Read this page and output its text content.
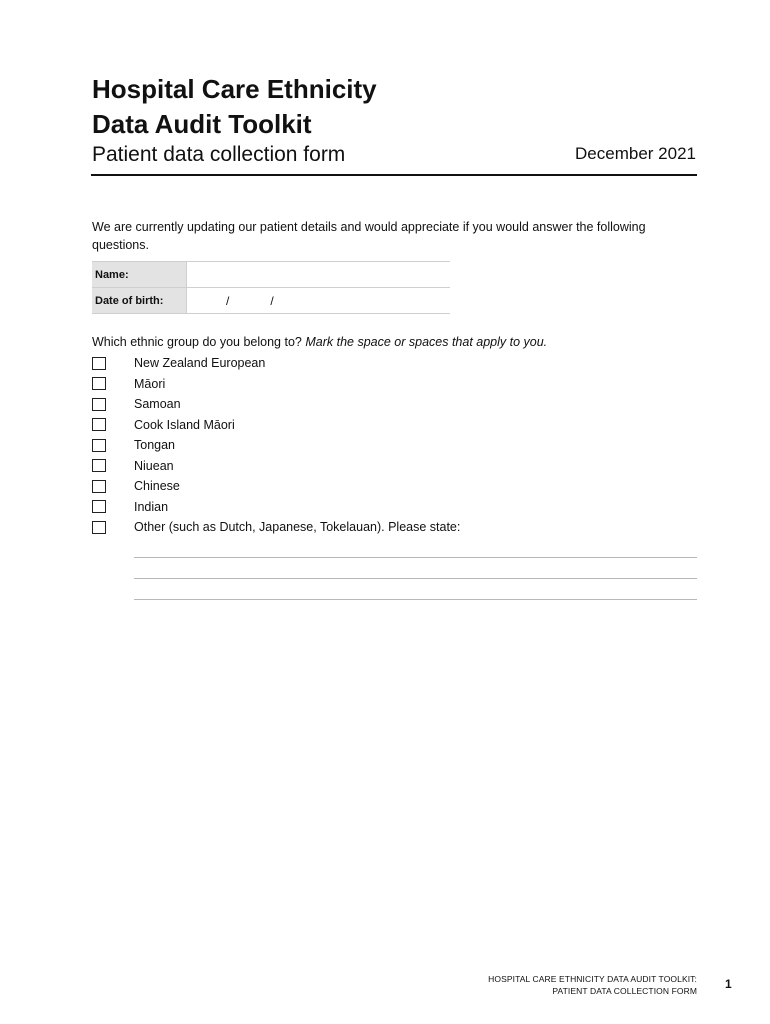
Hospital Care Ethnicity
Data Audit Toolkit
Patient data collection form	December 2021
We are currently updating our patient details and would appreciate if you would answer the following questions.
Name:	
Date of birth:	/ /
Which ethnic group do you belong to? Mark the space or spaces that apply to you.
New Zealand European
Māori
Samoan
Cook Island Māori
Tongan
Niuean
Chinese
Indian
Other (such as Dutch, Japanese, Tokelauan). Please state:
HOSPITAL CARE ETHNICITY DATA AUDIT TOOLKIT:
PATIENT DATA COLLECTION FORM 1
